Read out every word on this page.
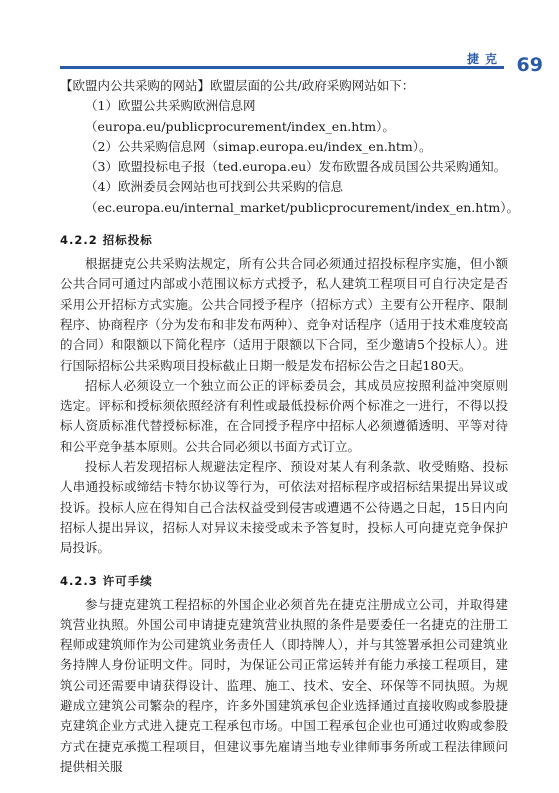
捷克 69

【欧盟内公共采购的网站】欧盟层面的公共/政府采购网站如下：

（1）欧盟公共采购欧洲信息网

（europa.eu/publicprocurement/index_en.htm）。

（2）公共采购信息网（simap.europa.eu/index_en.htm）。

（3）欧盟投标电子报（ted.europa.eu）发布欧盟各成员国公共采购通知。

（4）欧洲委员会网站也可找到公共采购的信息

（ec.europa.eu/internal_market/publicprocurement/index_en.htm）。

4.2.2 招标投标

根据捷克公共采购法规定，所有公共合同必须通过招投标程序实施，但小额公共合同可通过内部或小范围议标方式授予，私人建筑工程项目可自行决定是否采用公开招标方式实施。公共合同授予程序（招标方式）主要有公开程序、限制程序、协商程序（分为发布和非发布两种）、竞争对话程序（适用于技术难度较高的合同）和限额以下简化程序（适用于限额以下合同，至少邀请5个投标人）。进行国际招标公共采购项目投标截止日期一般是发布招标公告之日起180天。

招标人必须设立一个独立而公正的评标委员会，其成员应按照利益冲突原则选定。评标和授标须依照经济有利性或最低投标价两个标准之一进行，不得以投标人资质标准代替授标标准，在合同授予程序中招标人必须遵循透明、平等对待和公平竞争基本原则。公共合同必须以书面方式订立。

投标人若发现招标人规避法定程序、预设对某人有利条款、收受贿赂、投标人串通投标或缔结卡特尔协议等行为，可依法对招标程序或招标结果提出异议或投诉。投标人应在得知自己合法权益受到侵害或遭遇不公待遇之日起，15日内向招标人提出异议，招标人对异议未接受或未予答复时，投标人可向捷克竞争保护局投诉。

4.2.3 许可手续

参与捷克建筑工程招标的外国企业必须首先在捷克注册成立公司，并取得建筑营业执照。外国公司申请捷克建筑营业执照的条件是要委任一名捷克的注册工程师或建筑师作为公司建筑业务责任人（即持牌人），并与其签署承担公司建筑业务持牌人身份证明文件。同时，为保证公司正常运转并有能力承接工程项目，建筑公司还需要申请获得设计、监理、施工、技术、安全、环保等不同执照。为规避成立建筑公司繁杂的程序，许多外国建筑承包企业选择通过直接收购或参股捷克建筑企业方式进入捷克工程承包市场。中国工程承包企业也可通过收购或参股方式在捷克承揽工程项目，但建议事先雇请当地专业律师事务所或工程法律顾问提供相关服
